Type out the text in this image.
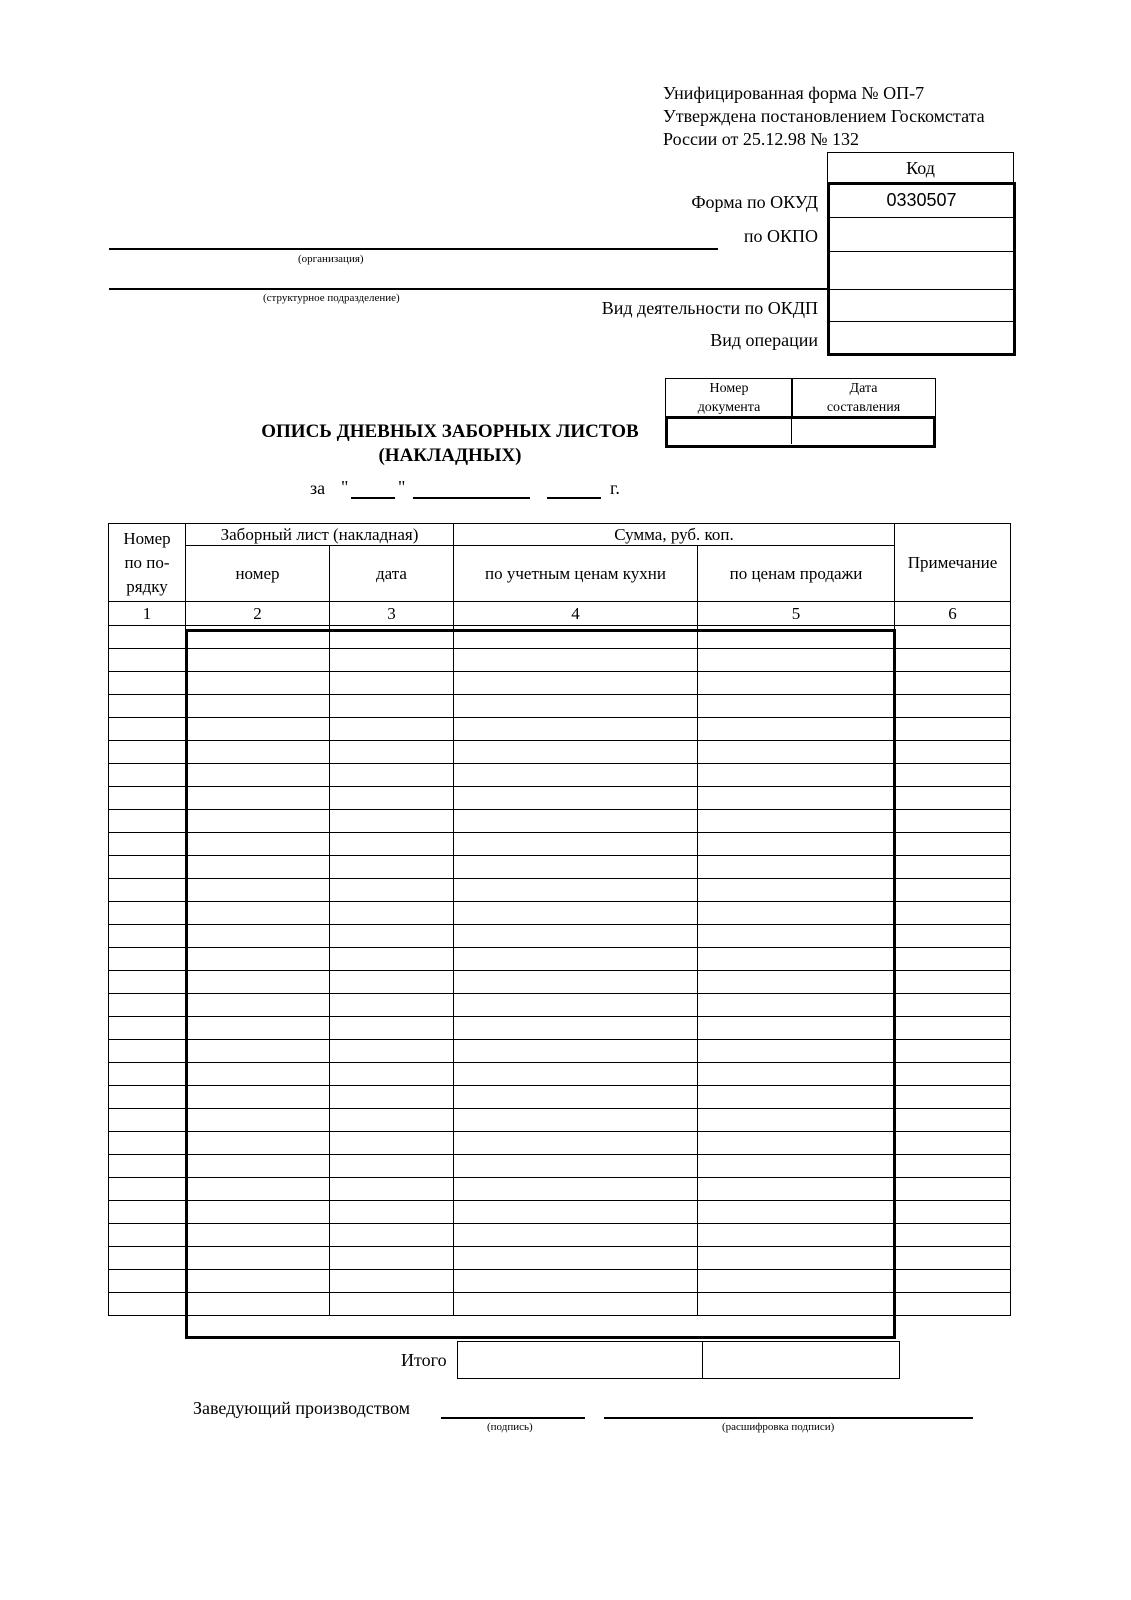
Унифицированная форма № ОП-7
Утверждена постановлением Госкомстата
России от 25.12.98 № 132
Код
0330507
Форма по ОКУД
по ОКПО
Вид деятельности по ОКДП
Вид операции
(организация)
(структурное подразделение)
Номер документа
Дата составления
ОПИСЬ ДНЕВНЫХ ЗАБОРНЫХ ЛИСТОВ
(НАКЛАДНЫХ)
за "	"	г.
Номер по по- рядку	Заборный лист (накладная)		Сумма, руб. коп.		Примечание
	номер	дата	по учетным ценам кухни	по ценам продажи	
1	2	3	4	5	6

Итого
Заведующий производством
(подпись)	(расшифровка подписи)
